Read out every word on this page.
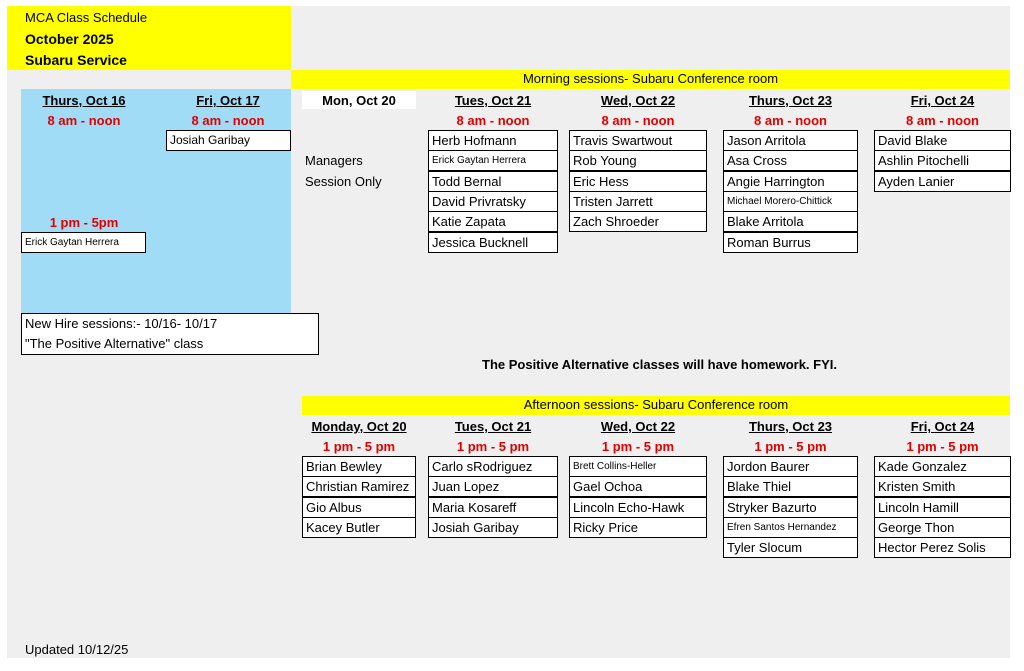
MCA Class Schedule
October 2025
Subaru Service
Morning sessions- Subaru Conference room
Thurs, Oct 16	Fri, Oct 17
8 am - noon	8 am - noon
Josiah Garibay
1 pm - 5pm
Erick Gaytan Herrera
New Hire sessions:- 10/16- 10/17
"The Positive Alternative" class
Mon, Oct 20
Managers
Session Only
Tues, Oct 21
8 am - noon
Herb Hofmann
Erick Gaytan Herrera
Todd Bernal
David Privratsky
Katie Zapata
Jessica Bucknell
Wed, Oct 22
8 am - noon
Travis Swartwout
Rob Young
Eric Hess
Tristen Jarrett
Zach Shroeder
Thurs, Oct 23
8 am - noon
Jason Arritola
Asa Cross
Angie Harrington
Michael Morero-Chittick
Blake Arritola
Roman Burrus
Fri, Oct 24
8 am - noon
David Blake
Ashlin Pitochelli
Ayden Lanier
The Positive Alternative classes will have homework. FYI.
Afternoon sessions- Subaru Conference room
Monday, Oct 20
1 pm - 5 pm
Brian Bewley
Christian Ramirez
Gio Albus
Kacey Butler
Tues, Oct 21
1 pm - 5 pm
Carlo sRodriguez
Juan Lopez
Maria Kosareff
Josiah Garibay
Wed, Oct 22
1 pm - 5 pm
Brett Collins-Heller
Gael Ochoa
Lincoln Echo-Hawk
Ricky Price
Thurs, Oct 23
1 pm - 5 pm
Jordon Baurer
Blake Thiel
Stryker Bazurto
Efren Santos Hernandez
Tyler Slocum
Fri, Oct 24
1 pm - 5 pm
Kade Gonzalez
Kristen Smith
Lincoln Hamill
George Thon
Hector Perez Solis
Updated 10/12/25
